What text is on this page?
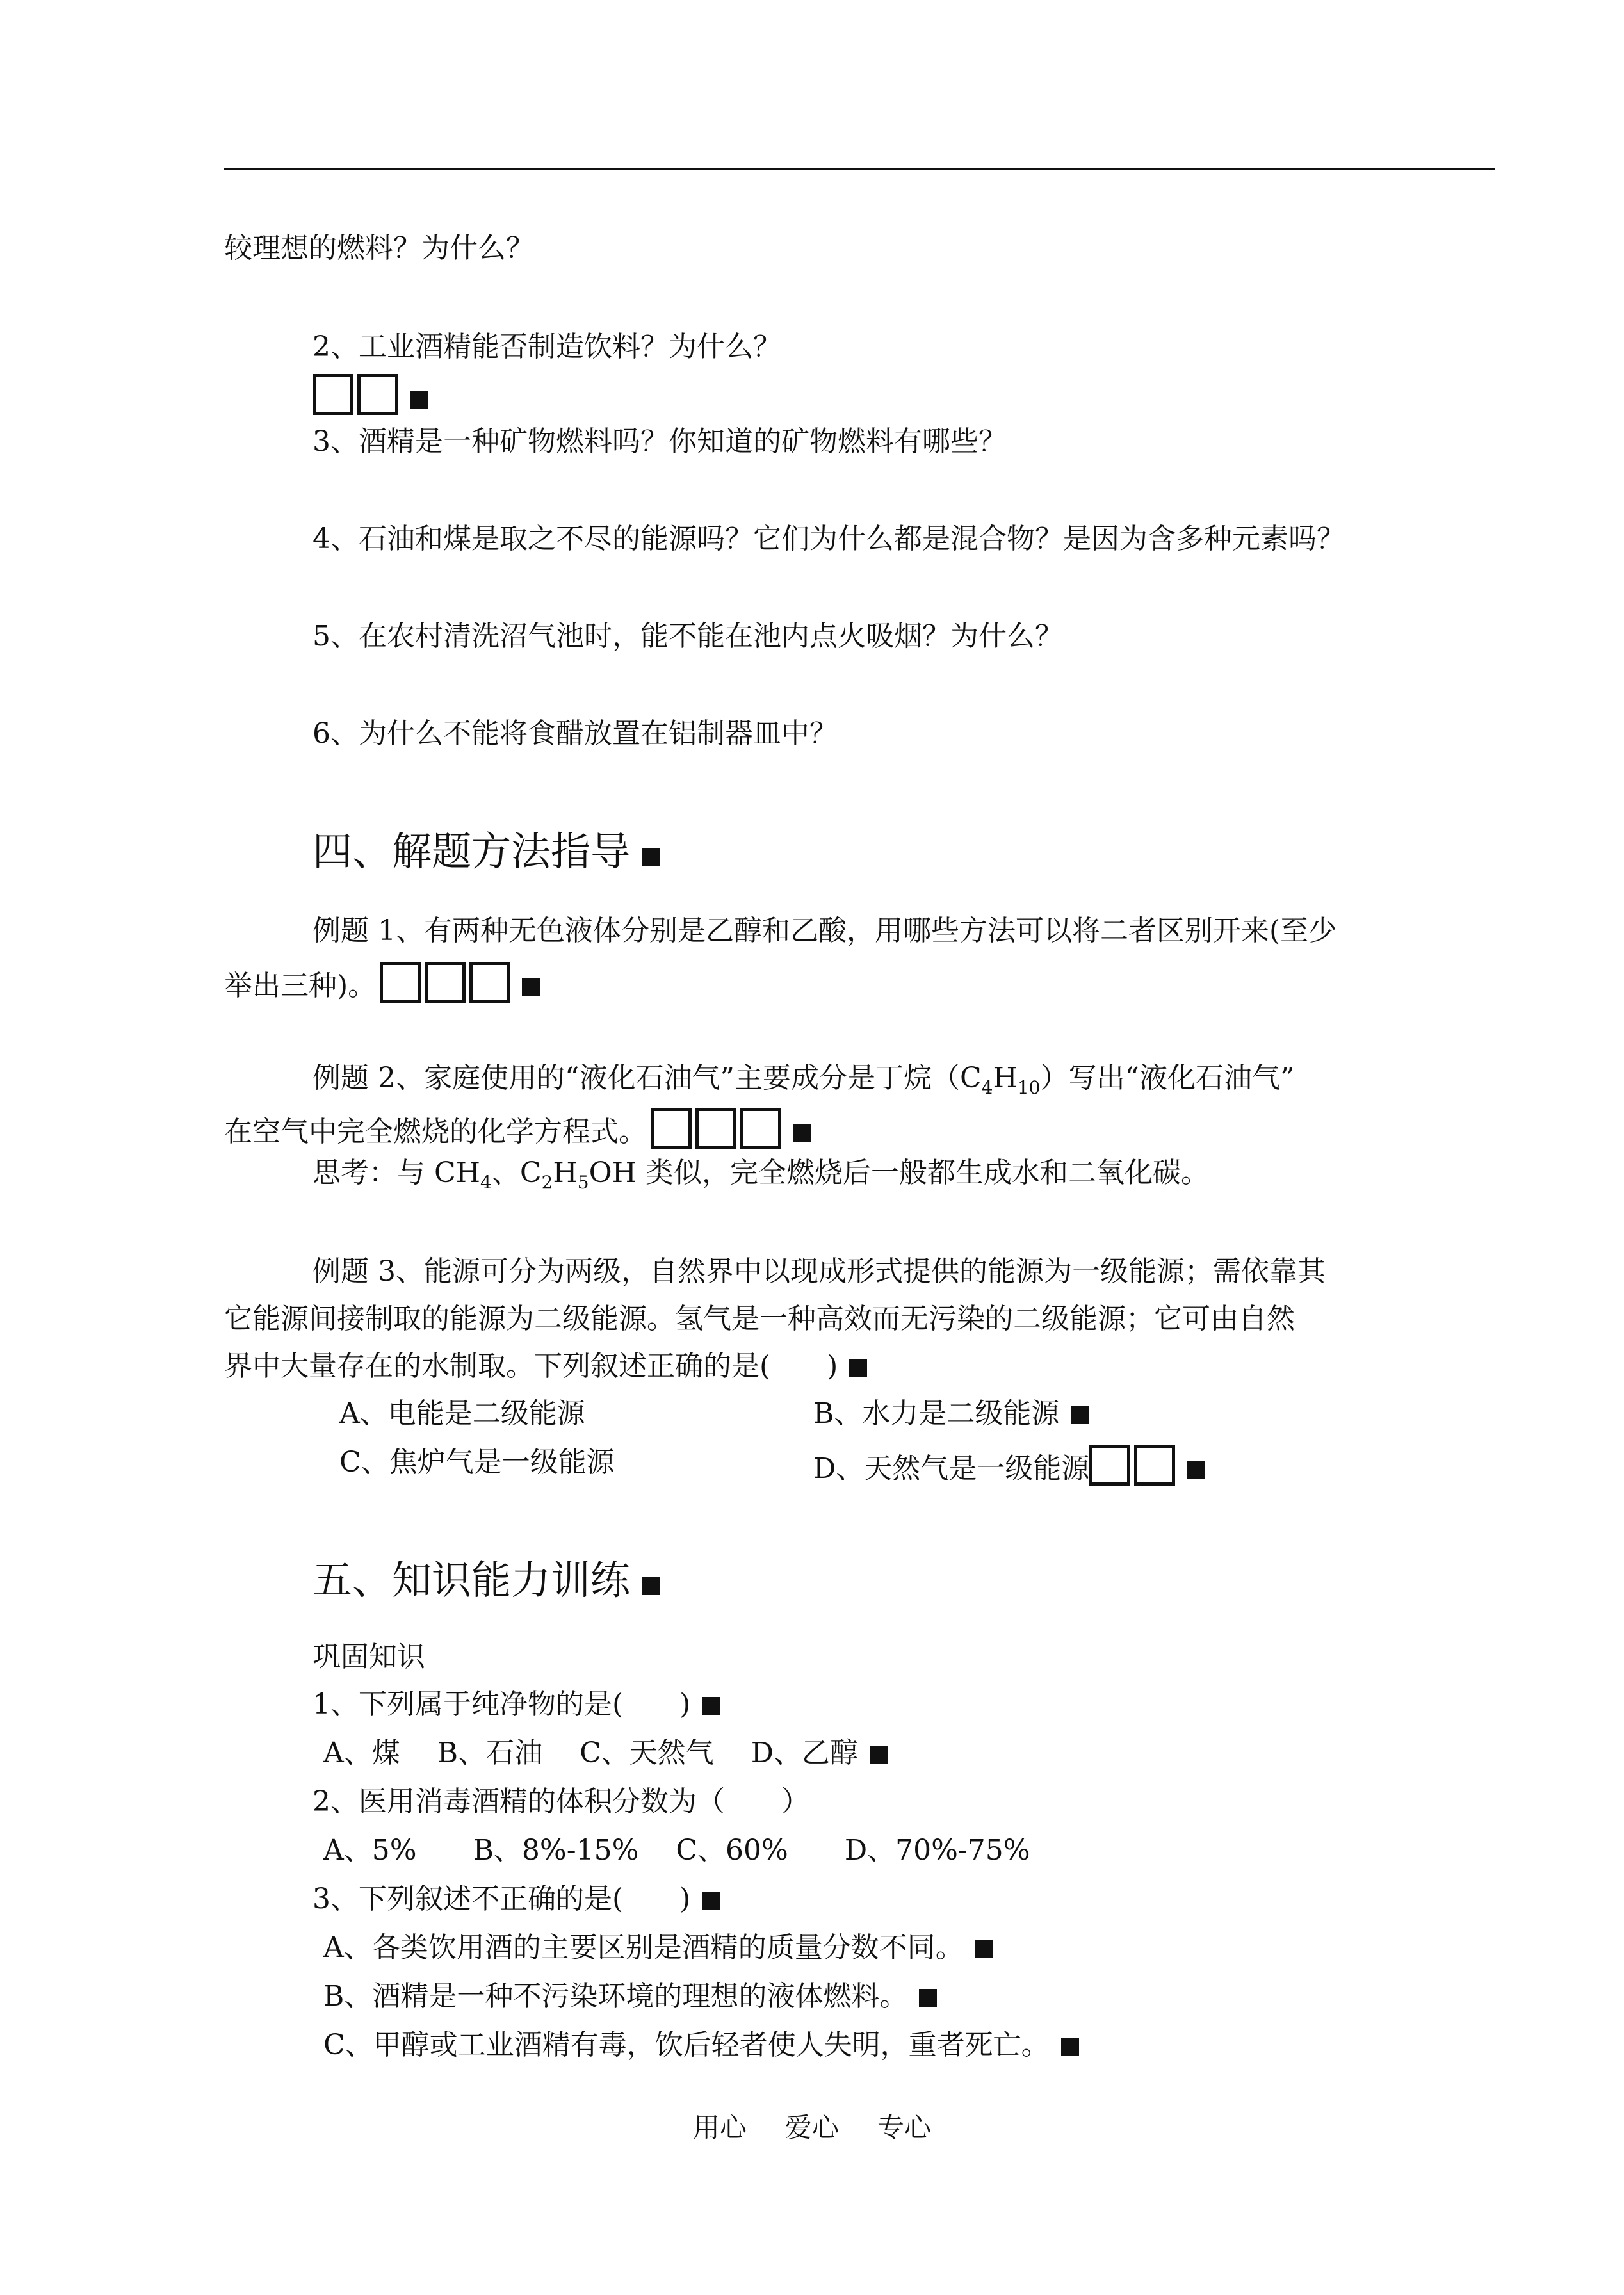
较理想的燃料？为什么？
2、工业酒精能否制造饮料？为什么？
3、酒精是一种矿物燃料吗？你知道的矿物燃料有哪些？
4、石油和煤是取之不尽的能源吗？它们为什么都是混合物？是因为含多种元素吗？
5、在农村清洗沼气池时，能不能在池内点火吸烟？为什么？
6、为什么不能将食醋放置在铝制器皿中？
四、解题方法指导
例题 1、有两种无色液体分别是乙醇和乙酸，用哪些方法可以将二者区别开来(至少
举出三种)。
例题 2、家庭使用的“液化石油气”主要成分是丁烷$(C_4H_{10})$写出“液化石油气”
在空气中完全燃烧的化学方程式。
思考：与 $CH_4$、$C_2H_5OH$ 类似，完全燃烧后一般都生成水和二氧化碳。
例题 3、能源可分为两级，自然界中以现成形式提供的能源为一级能源；需依靠其
它能源间接制取的能源为二级能源。氢气是一种高效而无污染的二级能源；它可由自然
界中大量存在的水制取。下列叙述正确的是(　　)
A、电能是二级能源	B、水力是二级能源
C、焦炉气是一级能源	D、天然气是一级能源
五、知识能力训练
巩固知识
1、下列属于纯净物的是(　　)
A、煤　 B、石油　 C、天然气　 D、乙醇
2、医用消毒酒精的体积分数为（　　）
A、5%　　B、8%-15%　 C、60%　　D、70%-75%
3、下列叙述不正确的是(　　)
A、各类饮用酒的主要区别是酒精的质量分数不同。
B、酒精是一种不污染环境的理想的液体燃料。
C、甲醇或工业酒精有毒，饮后轻者使人失明，重者死亡。
用心 爱心 专心
